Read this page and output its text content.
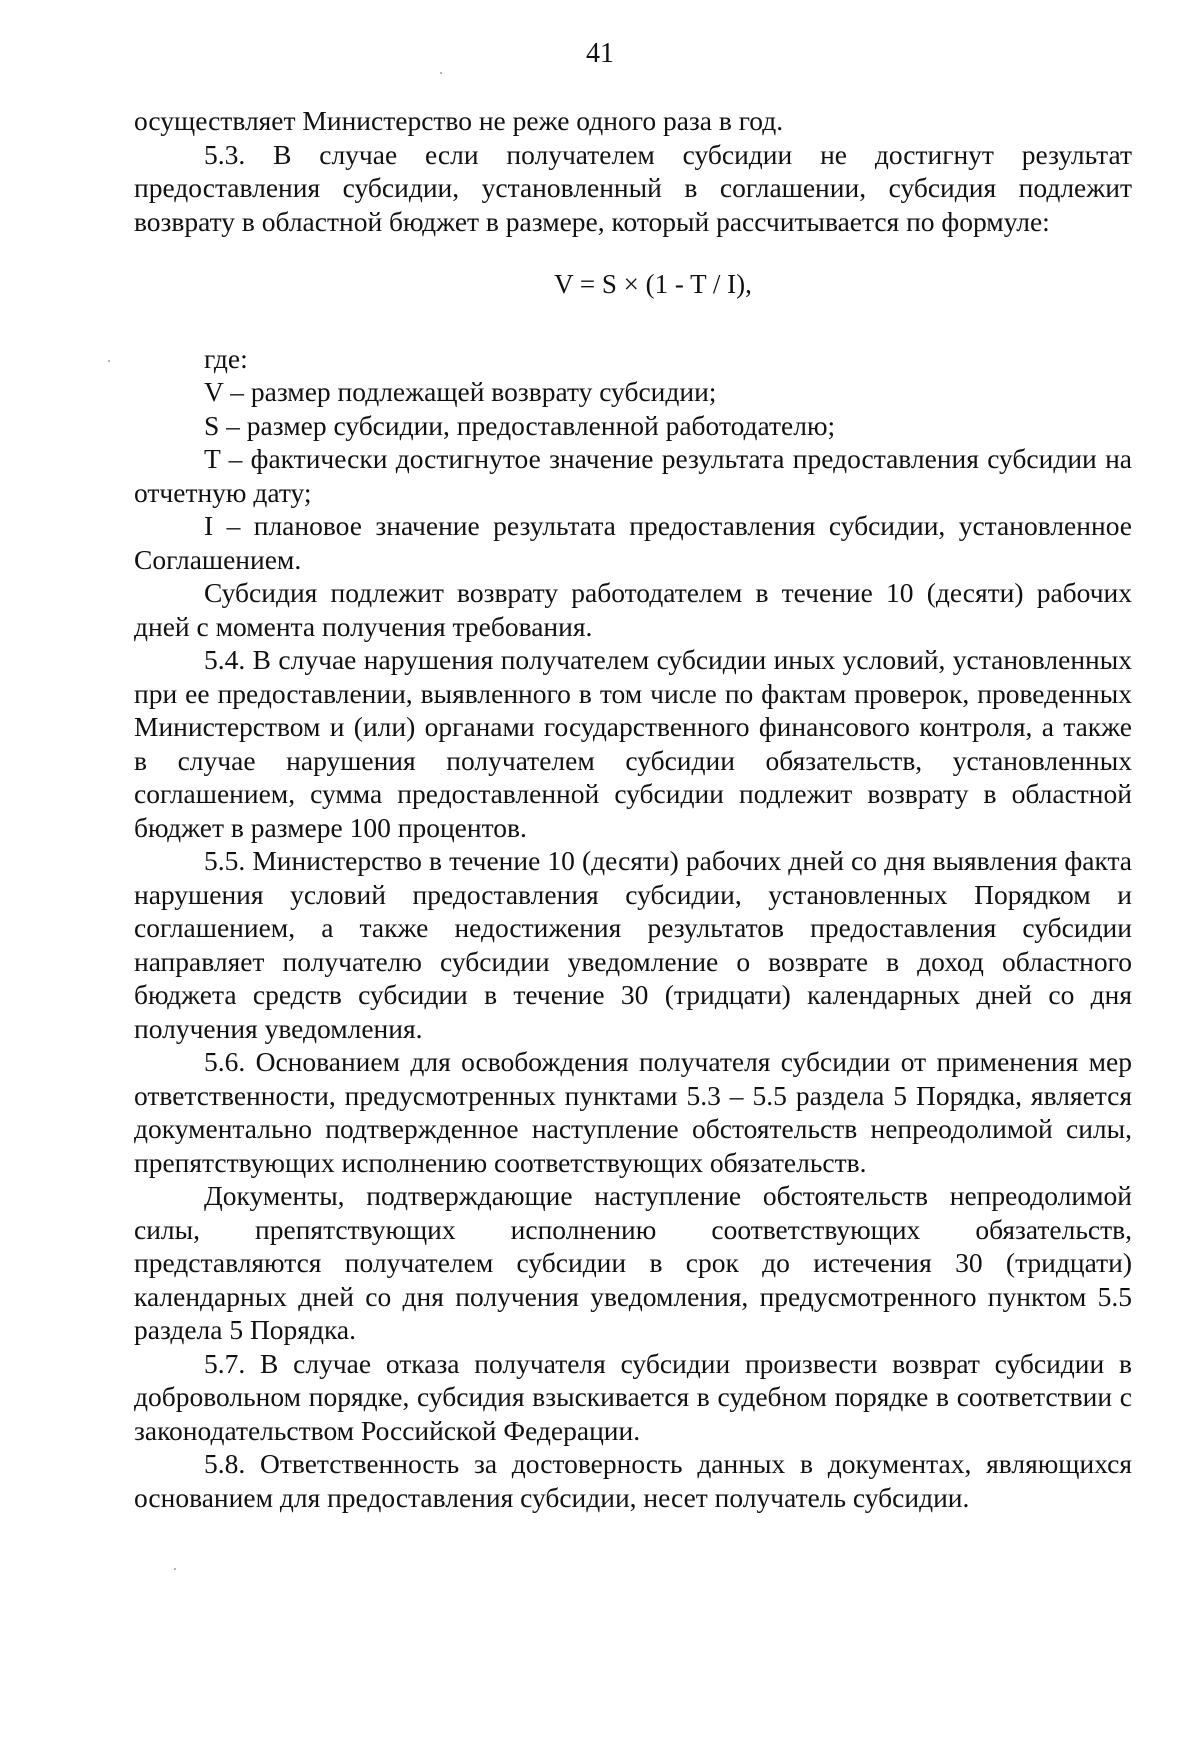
41

осуществляет Министерство не реже одного раза в год.

5.3. В случае если получателем субсидии не достигнут результат предоставления субсидии, установленный в соглашении, субсидия подлежит возврату в областной бюджет в размере, который рассчитывается по формуле:

V = S × (1 - T / I),

где:

V – размер подлежащей возврату субсидии;

S – размер субсидии, предоставленной работодателю;

T – фактически достигнутое значение результата предоставления субсидии на отчетную дату;

I – плановое значение результата предоставления субсидии, установленное Соглашением.

Субсидия подлежит возврату работодателем в течение 10 (десяти) рабочих дней с момента получения требования.

5.4. В случае нарушения получателем субсидии иных условий, установленных при ее предоставлении, выявленного в том числе по фактам проверок, проведенных Министерством и (или) органами государственного финансового контроля, а также в случае нарушения получателем субсидии обязательств, установленных соглашением, сумма предоставленной субсидии подлежит возврату в областной бюджет в размере 100 процентов.

5.5. Министерство в течение 10 (десяти) рабочих дней со дня выявления факта нарушения условий предоставления субсидии, установленных Порядком и соглашением, а также недостижения результатов предоставления субсидии направляет получателю субсидии уведомление о возврате в доход областного бюджета средств субсидии в течение 30 (тридцати) календарных дней со дня получения уведомления.

5.6. Основанием для освобождения получателя субсидии от применения мер ответственности, предусмотренных пунктами 5.3 – 5.5 раздела 5 Порядка, является документально подтвержденное наступление обстоятельств непреодолимой силы, препятствующих исполнению соответствующих обязательств.

Документы, подтверждающие наступление обстоятельств непреодолимой силы, препятствующих исполнению соответствующих обязательств, представляются получателем субсидии в срок до истечения 30 (тридцати) календарных дней со дня получения уведомления, предусмотренного пунктом 5.5 раздела 5 Порядка.

5.7. В случае отказа получателя субсидии произвести возврат субсидии в добровольном порядке, субсидия взыскивается в судебном порядке в соответствии с законодательством Российской Федерации.

5.8. Ответственность за достоверность данных в документах, являющихся основанием для предоставления субсидии, несет получатель субсидии.
